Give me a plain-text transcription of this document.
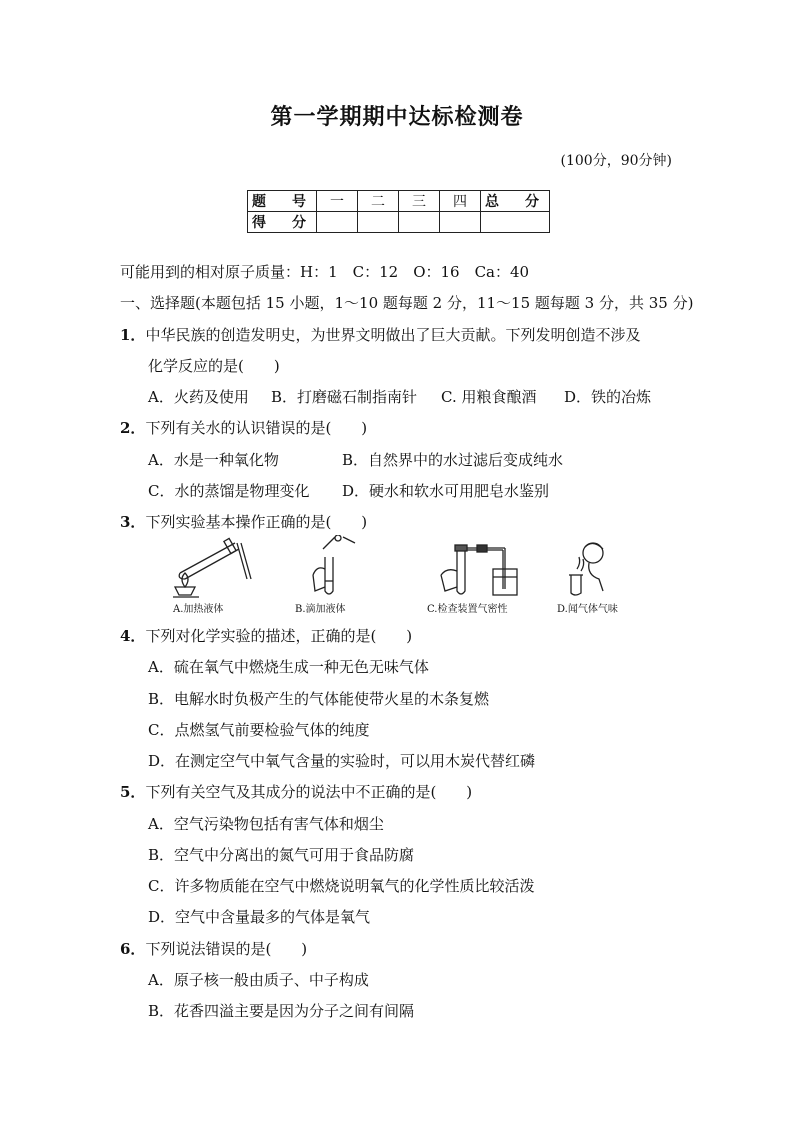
第一学期期中达标检测卷
(100分，90分钟)
题　号	一	二	三	四	总　分
得　分					
可能用到的相对原子质量：H：1　C：12　O：16　Ca：40
一、选择题(本题包括 15 小题，1～10 题每题 2 分，11～15 题每题 3 分，共 35 分)
1．中华民族的创造发明史，为世界文明做出了巨大贡献。下列发明创造不涉及
化学反应的是(　　)
A．火药及使用 B．打磨磁石制指南针 C. 用粮食酿酒 D．铁的冶炼
2．下列有关水的认识错误的是(　　)
A．水是一种氧化物	B．自然界中的水过滤后变成纯水
C．水的蒸馏是物理变化 D．硬水和软水可用肥皂水鉴别
3．下列实验基本操作正确的是(　　)
A.加热液体	B.滴加液体	C.检查装置气密性	D.闻气体气味
4．下列对化学实验的描述，正确的是(　　)
A．硫在氧气中燃烧生成一种无色无味气体
B．电解水时负极产生的气体能使带火星的木条复燃
C．点燃氢气前要检验气体的纯度
D．在测定空气中氧气含量的实验时，可以用木炭代替红磷
5．下列有关空气及其成分的说法中不正确的是(　　)
A．空气污染物包括有害气体和烟尘
B．空气中分离出的氮气可用于食品防腐
C．许多物质能在空气中燃烧说明氧气的化学性质比较活泼
D．空气中含量最多的气体是氧气
6．下列说法错误的是(　　)
A．原子核一般由质子、中子构成
B．花香四溢主要是因为分子之间有间隔
